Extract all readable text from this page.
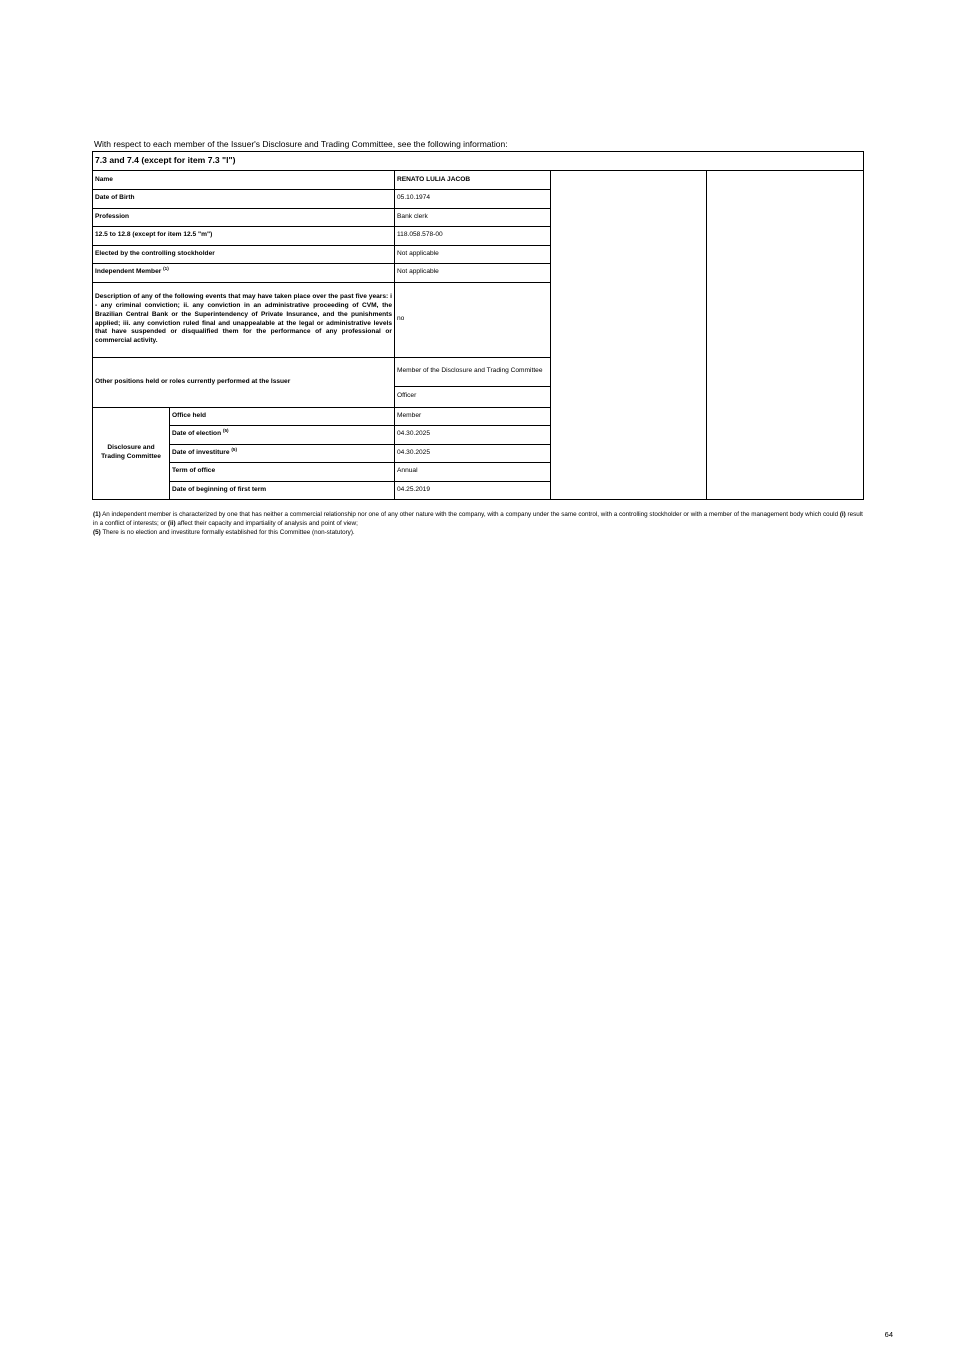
With respect to each member of the Issuer's Disclosure and Trading Committee, see the following information:
7.3 and 7.4 (except for item 7.3 "l")				
Name		RENATO LULIA JACOB		
Date of Birth		05.10.1974		
Profession		Bank clerk		
12.5 to 12.8 (except for item 12.5 "m")		118.058.578-00		
Elected by the controlling stockholder		Not applicable		
Independent Member $^{(1)}$		Not applicable		
Description of any of the following events that may have taken place over the past five years: i - any criminal conviction; ii. any conviction in an administrative proceeding of CVM, the Brazilian Central Bank or the Superintendency of Private Insurance, and the punishments applied; iii. any conviction ruled final and unappealable at the legal or administrative levels that have suspended or disqualified them for the performance of any professional or commercial activity.		no		
Other positions held or roles currently performed at the Issuer		Member of the Disclosure and Trading Committee		
		Officer		
Disclosure and Trading Committee	Office held	Member		
	Date of election $^{(5)}$	04.30.2025		
	Date of investiture $^{(5)}$	04.30.2025		
	Term of office	Annual		
	Date of beginning of first term	04.25.2019		

(1) An independent member is characterized by one that has neither a commercial relationship nor one of any other nature with the company, with a company under the same control, with a controlling stockholder or with a member of the management body which could (i) result in a conflict of interests; or (ii) affect their capacity and impartiality of analysis and point of view;

(5) There is no election and investiture formally established for this Committee (non-statutory).

64
